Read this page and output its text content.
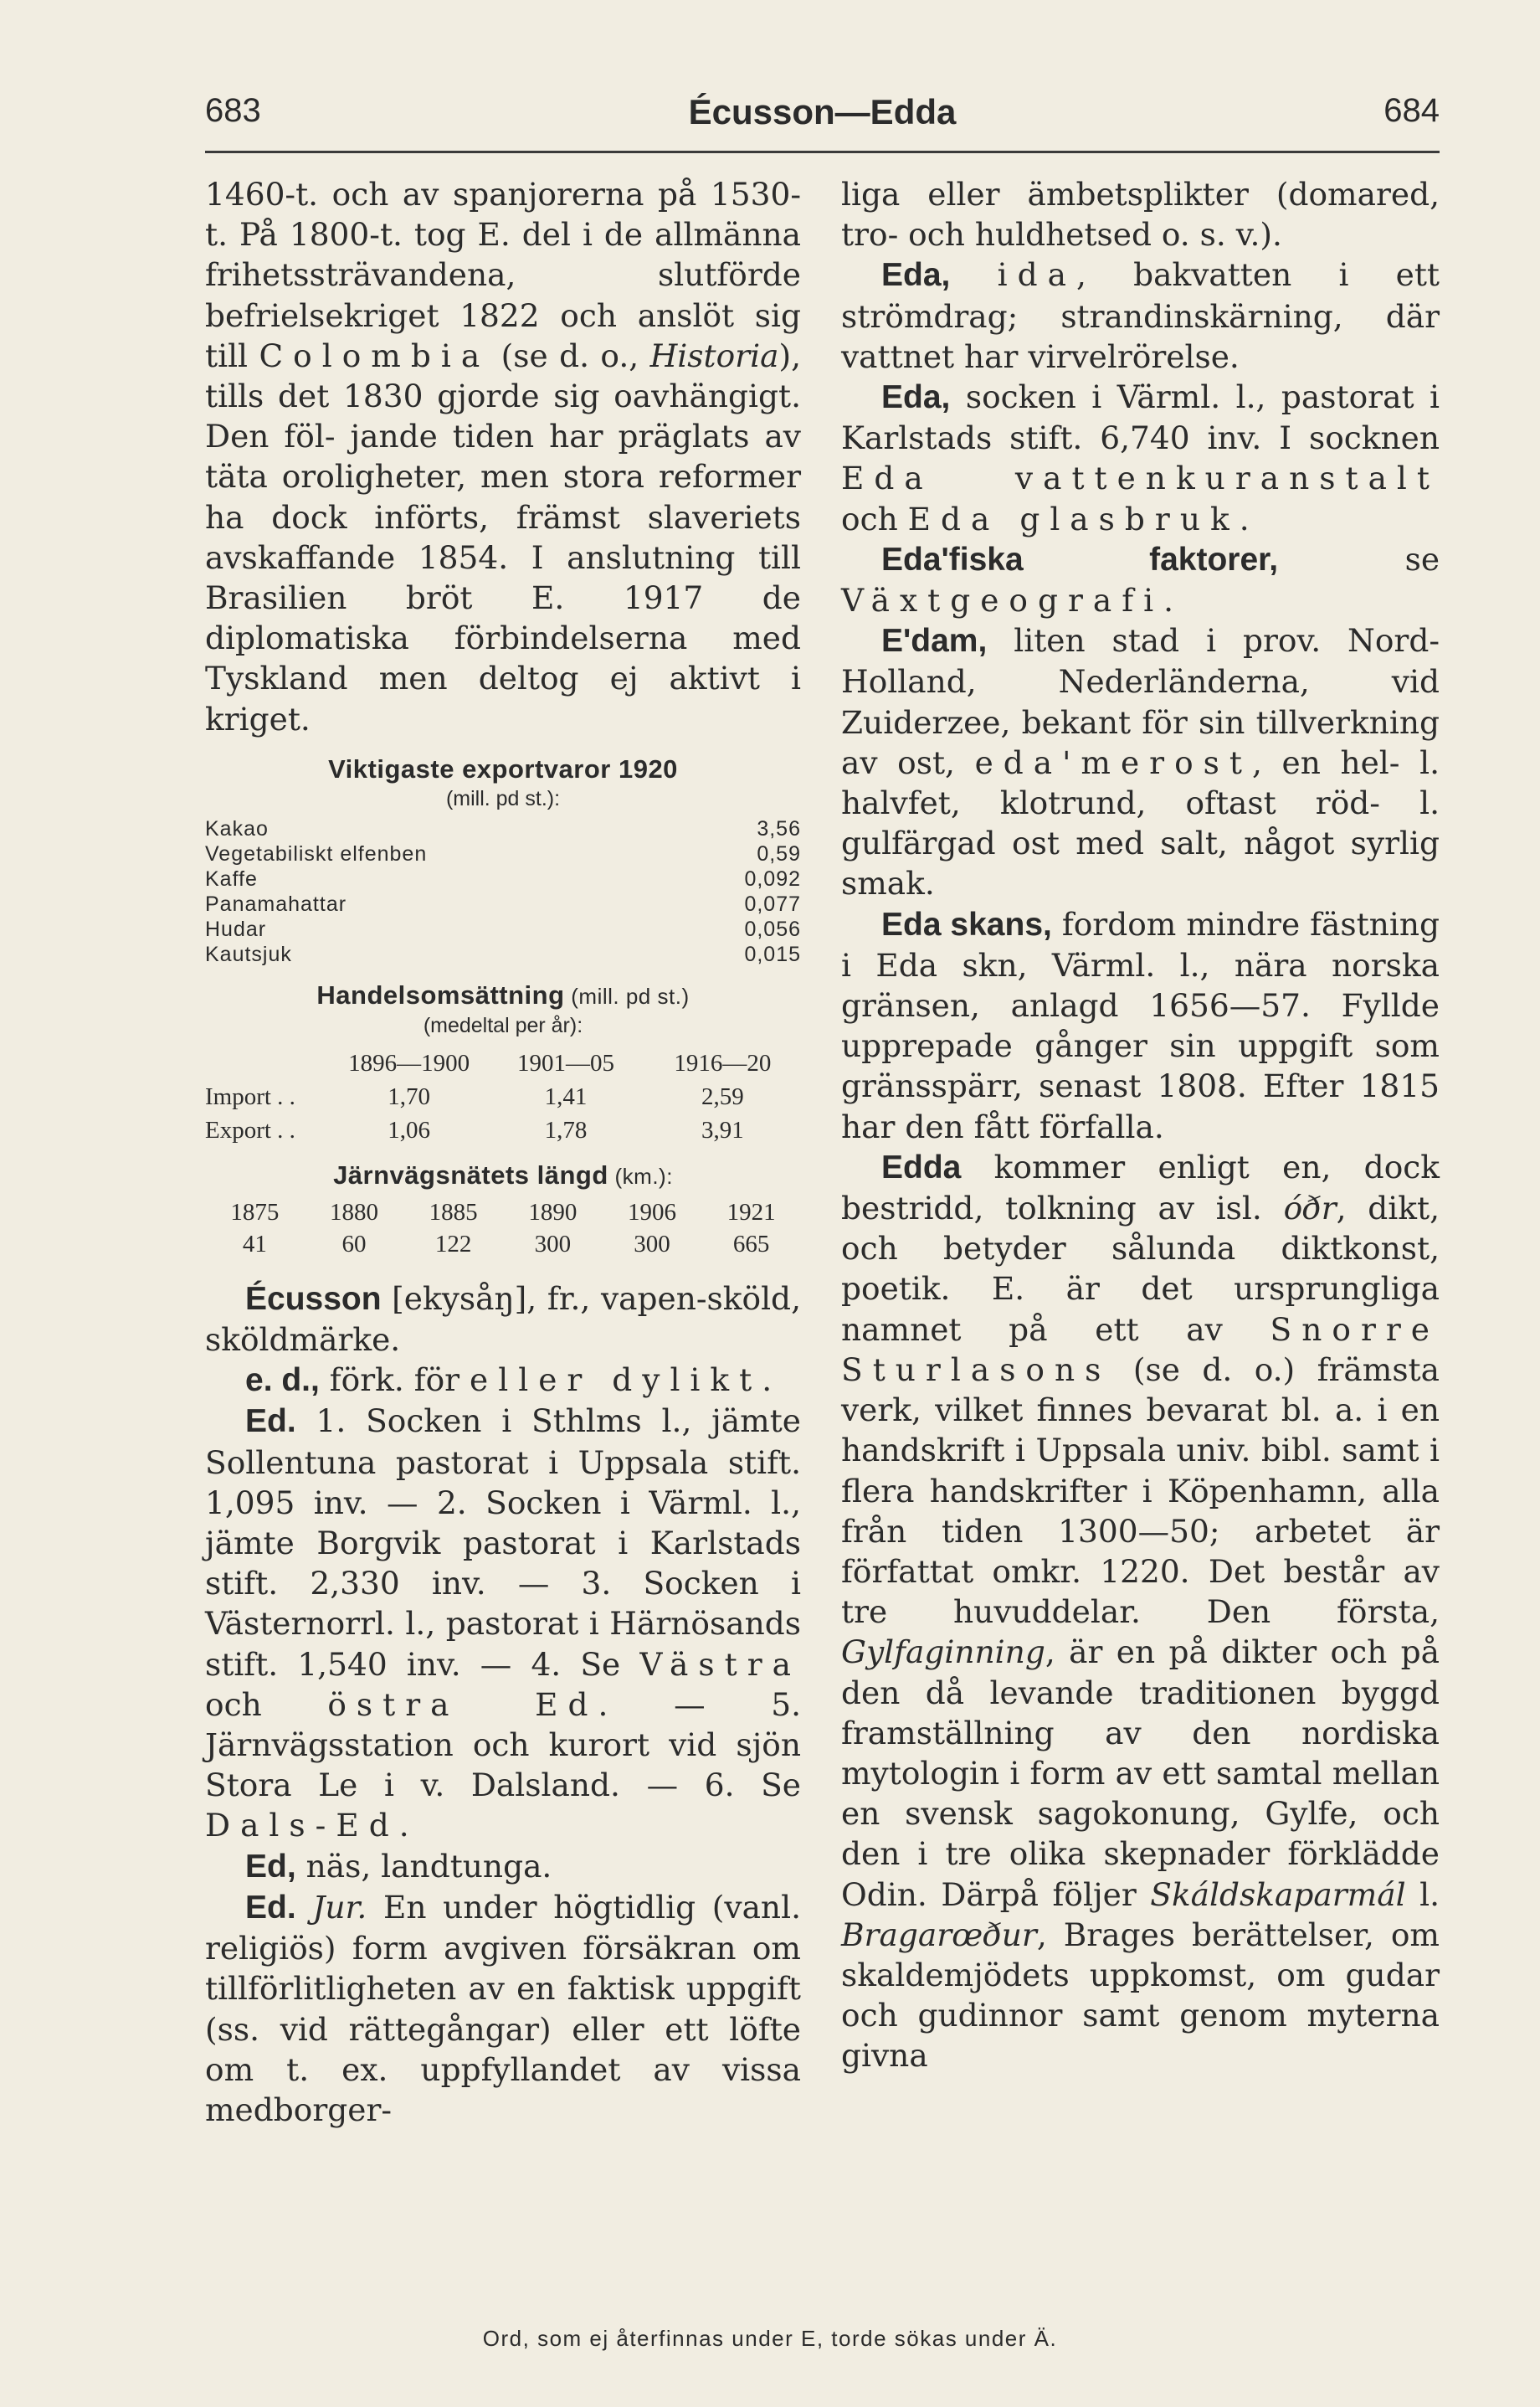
683	Écusson—Edda	684

1460-t. och av spanjorerna på 1530-t. På 1800-t. tog E. del i de allmänna frihetssträvandena,	slutförde befrielsekriget 1822 och anslöt sig till Colombia (se d. o., Historia), tills det 1830 gjorde sig oavhängigt. Den föl- jande tiden har präglats av täta oroligheter, men stora reformer ha dock införts, främst slaveriets avskaffande 1854. I anslutning till Brasilien bröt E. 1917 de diplomatiska förbindelserna med Tyskland men deltog ej aktivt i kriget.

Viktigaste exportvaror 1920
(mill. pd st.):
Kakao	3,56
Vegetabiliskt elfenben	0,59
Kaffe	0,092
Panamahattar	0,077
Hudar	0,056
Kautsjuk	0,015
Handelsomsättning (mill. pd st.)
(medeltal per år):
1896—1900	1901—05	1916—20
Import . .	1,70	1,41	2,59
Export . .	1,06	1,78	3,91
Järnvägsnätets längd (km.):
1875	1880	1885	1890	1906	1921
41	60	122	300	300	665

Écusson [ekysåŋ], fr., vapen-sköld, sköldmärke.

e. d., förk. för eller dylikt.

Ed. 1. Socken i Sthlms l., jämte Sollentuna pastorat i Uppsala stift. 1,095 inv. — 2. Socken i Värml. l., jämte Borgvik pastorat i Karlstads stift. 2,330 inv. — 3. Socken i Västernorrl. l., pastorat i Härnösands stift. 1,540 inv. — 4. Se Västra och östra Ed. — 5. Järnvägsstation och kurort vid sjön Stora Le i v. Dalsland. — 6. Se Dals-Ed.

Ed, näs, landtunga.

Ed. Jur. En under högtidlig (vanl. religiös) form avgiven försäkran om tillförlitligheten av en faktisk uppgift (ss. vid rättegångar) eller ett löfte om t. ex. uppfyllandet av vissa medborger-

liga eller ämbetsplikter (domared, tro- och huldhetsed o. s. v.).

Eda, ida, bakvatten i ett strömdrag; strandinskärning, där vattnet har virvelrörelse.

Eda, socken i Värml. l., pastorat i Karlstads stift. 6,740 inv. I socknen Eda vattenkuranstalt och Eda glasbruk.

Eda'fiska faktorer, se Växtgeografi.

E'dam, liten stad i prov. Nord-Holland, Nederländerna, vid Zuiderzee, bekant för sin tillverkning av ost, eda'merost, en hel- l. halvfet, klotrund, oftast röd- l. gulfärgad ost med salt, något syrlig smak.

Eda skans, fordom mindre fästning i Eda skn, Värml. l., nära norska gränsen, anlagd 1656—57. Fyllde upprepade gånger sin uppgift som gränsspärr, senast 1808. Efter 1815 har den fått förfalla.

Edda kommer enligt en, dock bestridd, tolkning av isl. óðr, dikt, och betyder sålunda diktkonst, poetik. E. är det ursprungliga namnet på ett av Snorre Sturlasons (se d. o.) främsta verk, vilket finnes bevarat bl. a. i en handskrift i Uppsala univ. bibl. samt i flera handskrifter i Köpenhamn, alla från tiden 1300—50; arbetet är författat omkr. 1220. Det består av tre huvuddelar. Den första, Gylfaginning, är en på dikter och på den då levande traditionen byggd framställning av den nordiska mytologin i form av ett samtal mellan en svensk sagokonung, Gylfe, och den i tre olika skepnader förklädde Odin. Därpå följer Skáldskaparmál l. Bragarœður, Brages berättelser, om skaldemjödets uppkomst, om gudar och gudinnor samt genom myterna givna

Ord, som ej återfinnas under E, torde sökas under Ä.
